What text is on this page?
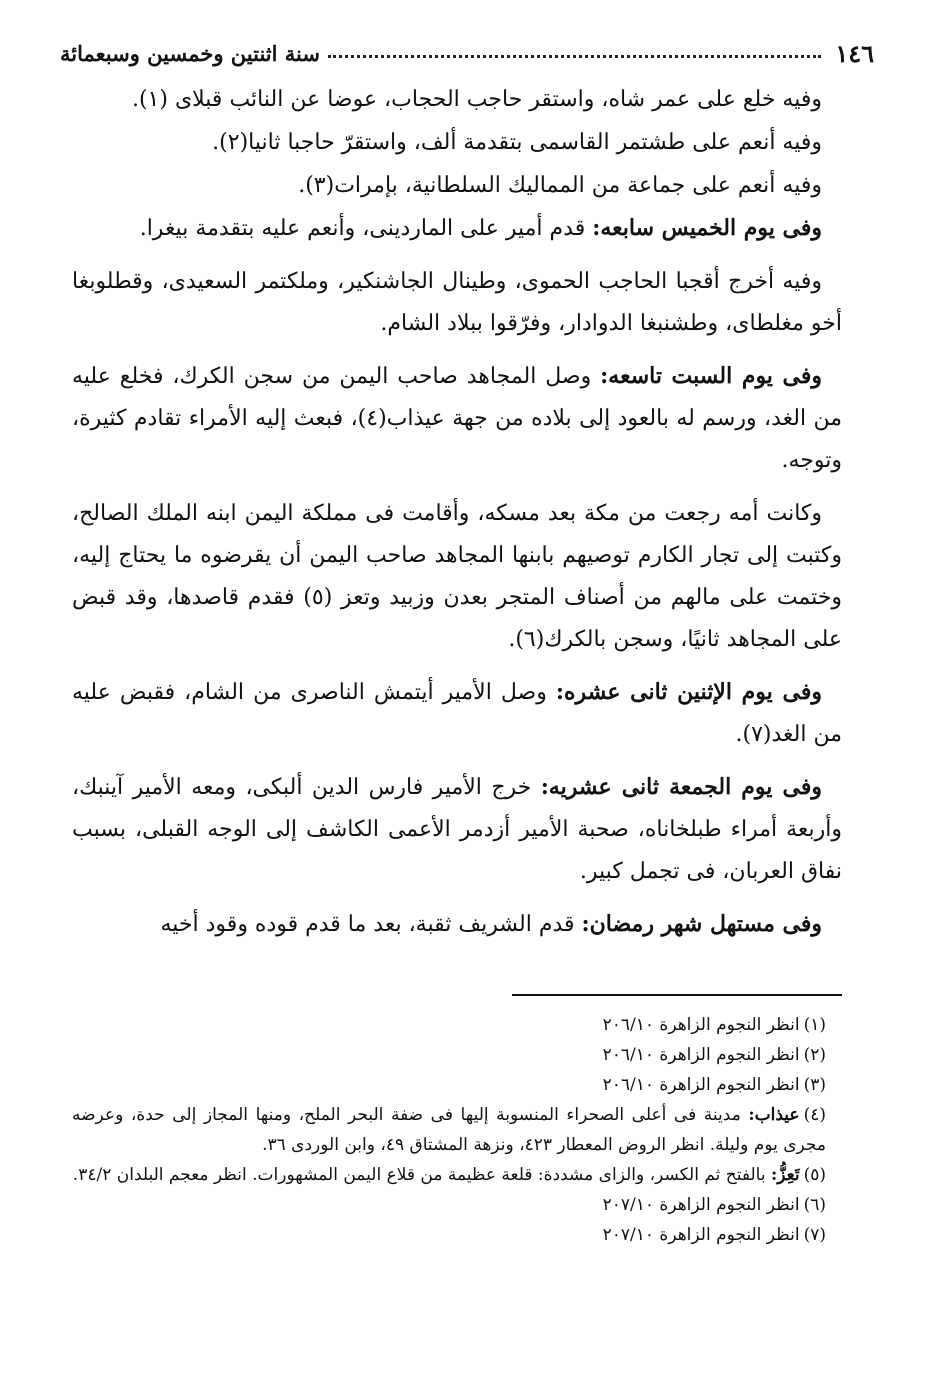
١٤٦
سنة اثنتين وخمسين وسبعمائة

وفيه خلع على عمر شاه، واستقر حاجب الحجاب، عوضا عن النائب قبلاى (١).

وفيه أنعم على طشتمر القاسمى بتقدمة ألف، واستقرّ حاجبا ثانيا(٢).

وفيه أنعم على جماعة من المماليك السلطانية، بإمرات(٣).

وفى يوم الخميس سابعه: قدم أمير على الماردينى، وأنعم عليه بتقدمة بيغرا.

وفيه أخرج أقجبا الحاجب الحموى، وطينال الجاشنكير، وملكتمر السعيدى، وقطلوبغا أخو مغلطاى، وطشنبغا الدوادار، وفرّقوا ببلاد الشام.

وفى يوم السبت تاسعه: وصل المجاهد صاحب اليمن من سجن الكرك، فخلع عليه من الغد، ورسم له بالعود إلى بلاده من جهة عيذاب(٤)، فبعث إليه الأمراء تقادم كثيرة، وتوجه.

وكانت أمه رجعت من مكة بعد مسكه، وأقامت فى مملكة اليمن ابنه الملك الصالح، وكتبت إلى تجار الكارم توصيهم بابنها المجاهد صاحب اليمن أن يقرضوه ما يحتاج إليه، وختمت على مالهم من أصناف المتجر بعدن وزبيد وتعز (٥) فقدم قاصدها، وقد قبض على المجاهد ثانيًا، وسجن بالكرك(٦).

وفى يوم الإثنين ثانى عشره: وصل الأمير أيتمش الناصرى من الشام، فقبض عليه من الغد(٧).

وفى يوم الجمعة ثانى عشريه: خرج الأمير فارس الدين ألبكى، ومعه الأمير آينبك، وأربعة أمراء طبلخاناه، صحبة الأمير أزدمر الأعمى الكاشف إلى الوجه القبلى، بسبب نفاق العربان، فى تجمل كبير.

وفى مستهل شهر رمضان: قدم الشريف ثقبة، بعد ما قدم قوده وقود أخيه

(١)انظر النجوم الزاهرة ٢٠٦/١٠

(٢)انظر النجوم الزاهرة ٢٠٦/١٠

(٣)انظر النجوم الزاهرة ٢٠٦/١٠

(٤)عيذاب: مدينة فى أعلى الصحراء المنسوبة إليها فى ضفة البحر الملح، ومنها المجاز إلى حدة، وعرضه مجرى يوم وليلة. انظر الروض المعطار ٤٢٣، ونزهة المشتاق ٤٩، وابن الوردى ٣٦.

(٥)تَعِزُّ: بالفتح ثم الكسر، والزاى مشددة: قلعة عظيمة من قلاع اليمن المشهورات. انظر معجم البلدان ٣٤/٢.

(٦)انظر النجوم الزاهرة ٢٠٧/١٠

(٧)انظر النجوم الزاهرة ٢٠٧/١٠
